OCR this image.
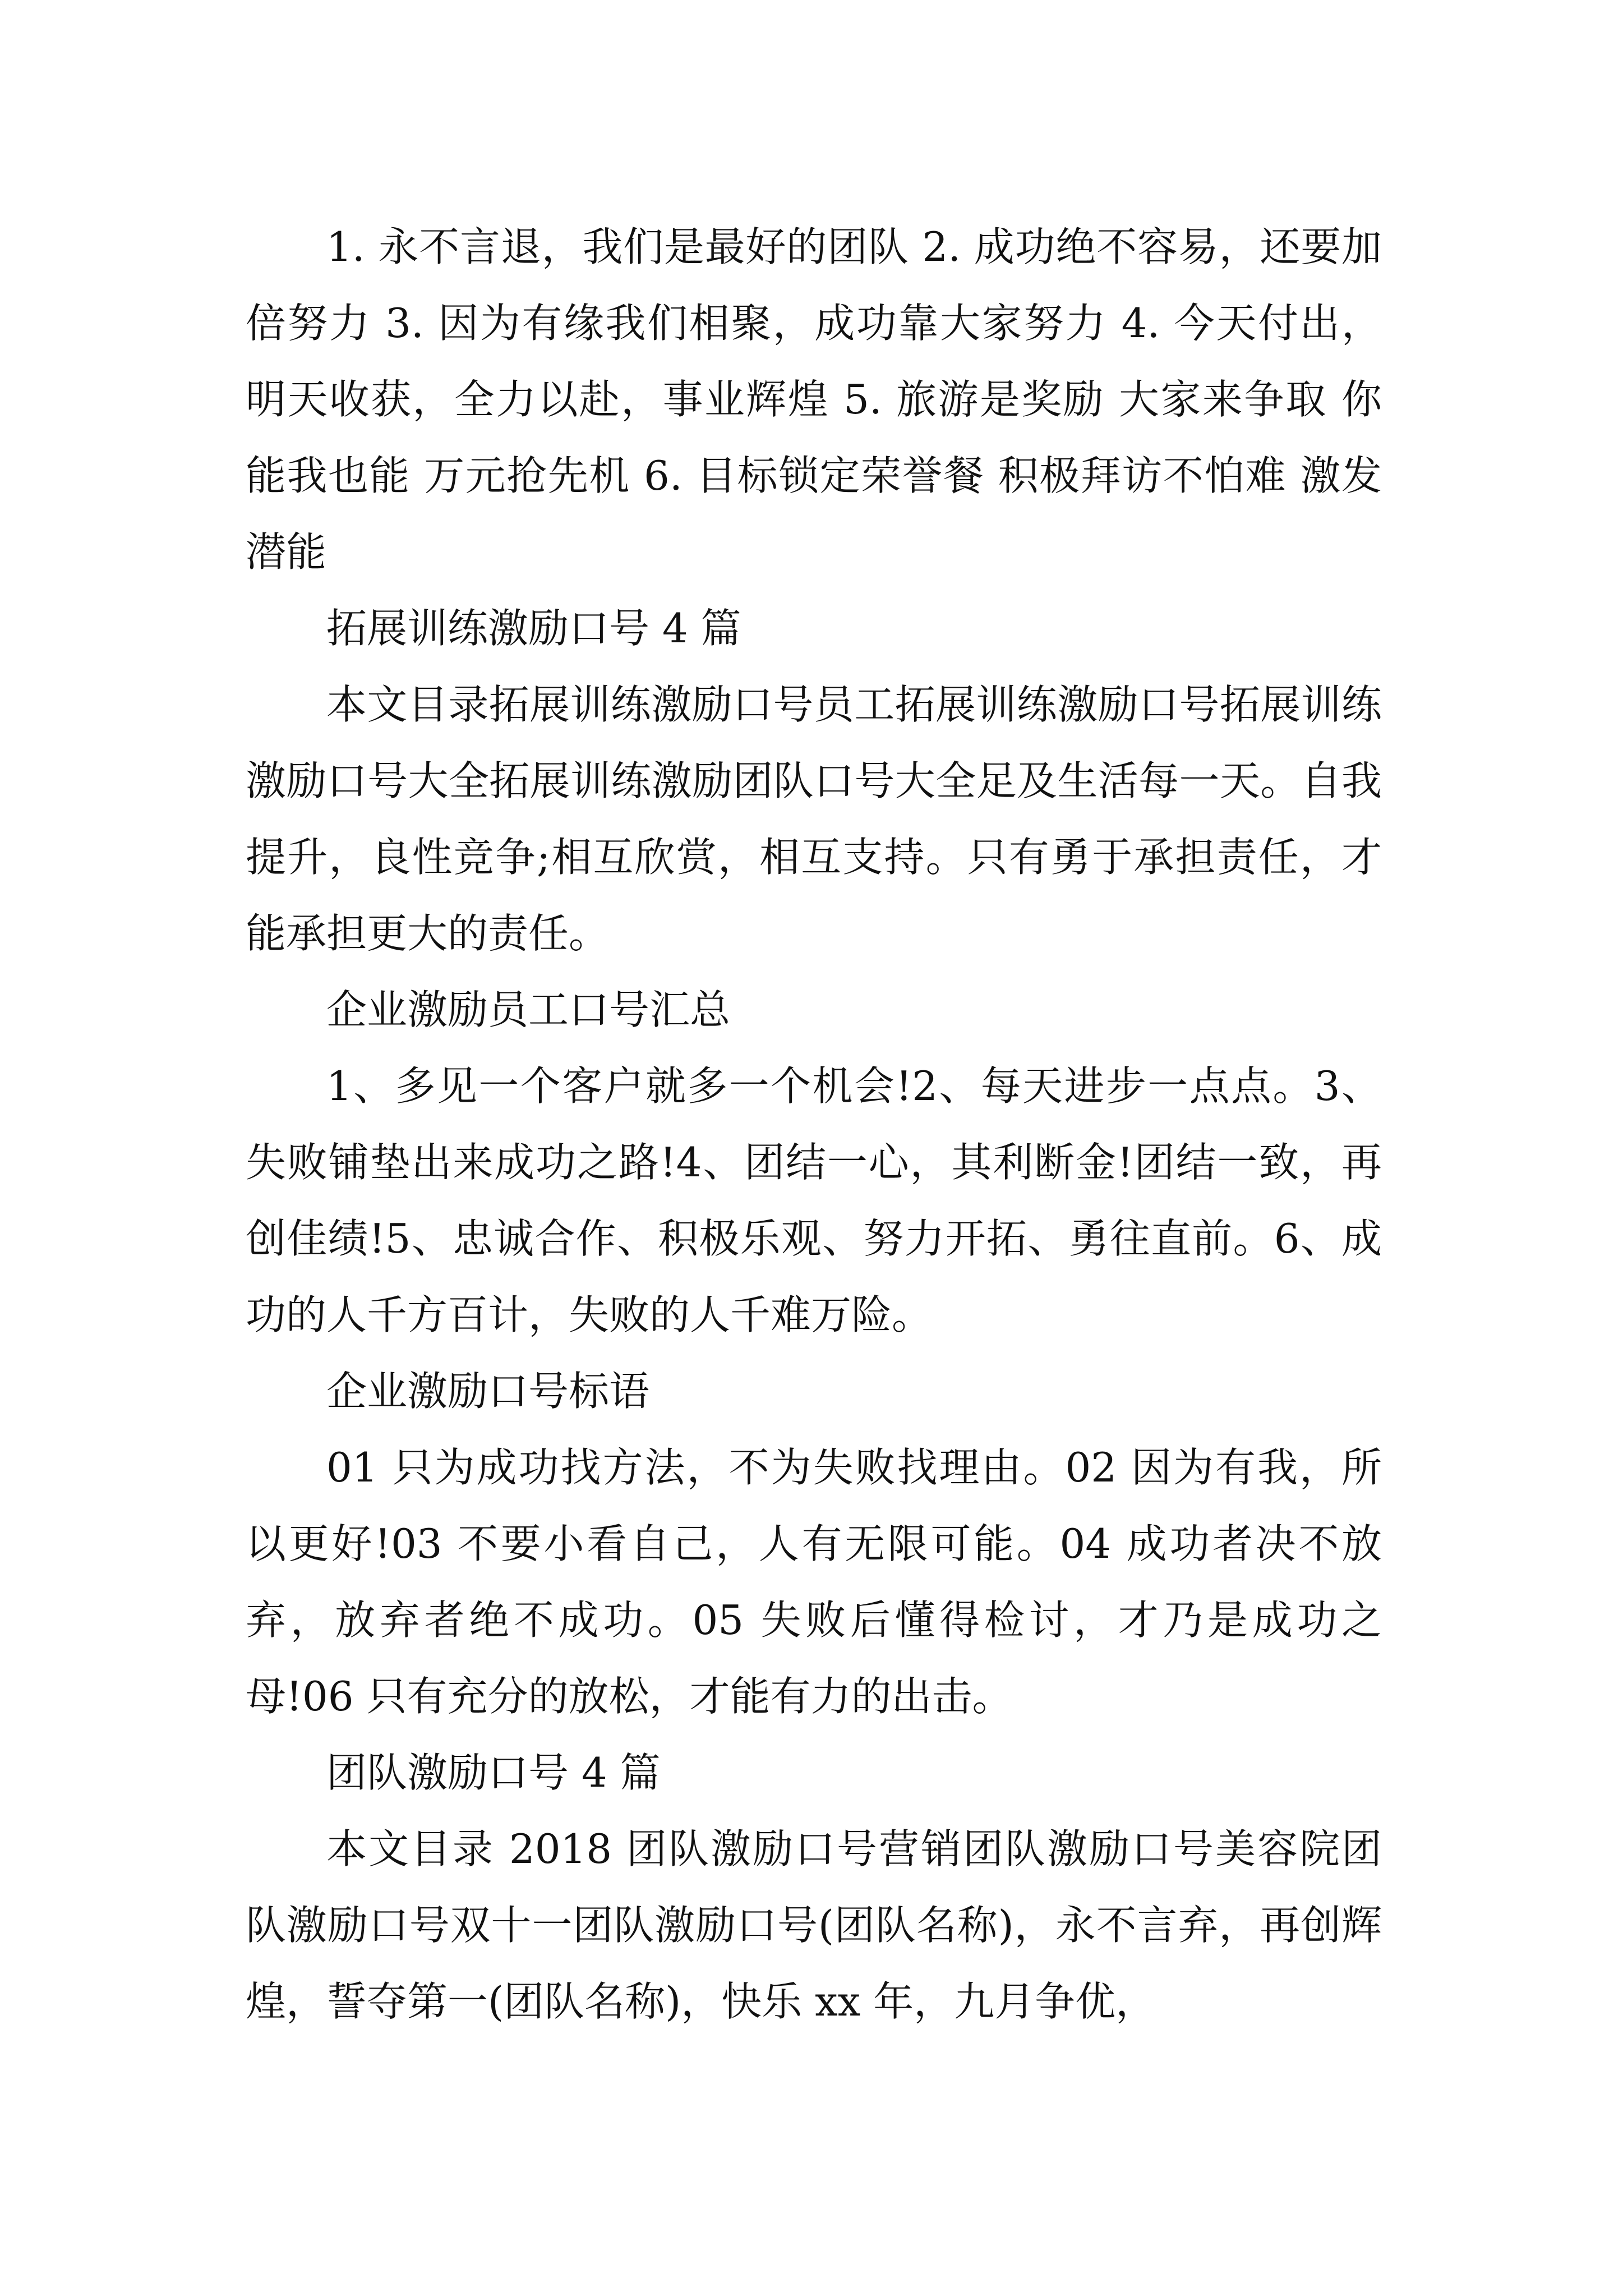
1. 永不言退，我们是最好的团队 2. 成功绝不容易，还要加倍努力 3. 因为有缘我们相聚，成功靠大家努力 4. 今天付出，明天收获，全力以赴，事业辉煌 5. 旅游是奖励 大家来争取 你能我也能 万元抢先机 6. 目标锁定荣誉餐 积极拜访不怕难 激发潜能

拓展训练激励口号 4 篇

本文目录拓展训练激励口号员工拓展训练激励口号拓展训练激励口号大全拓展训练激励团队口号大全足及生活每一天。自我提升，良性竞争;相互欣赏，相互支持。只有勇于承担责任，才能承担更大的责任。

企业激励员工口号汇总

1、多见一个客户就多一个机会!2、每天进步一点点。3、失败铺垫出来成功之路!4、团结一心，其利断金!团结一致，再创佳绩!5、忠诚合作、积极乐观、努力开拓、勇往直前。6、成功的人千方百计，失败的人千难万险。

企业激励口号标语

01 只为成功找方法，不为失败找理由。02 因为有我，所以更好!03 不要小看自己，人有无限可能。04 成功者决不放弃，放弃者绝不成功。05 失败后懂得检讨，才乃是成功之母!06 只有充分的放松，才能有力的出击。

团队激励口号 4 篇

本文目录 2018 团队激励口号营销团队激励口号美容院团队激励口号双十一团队激励口号(团队名称)，永不言弃，再创辉煌，誓夺第一(团队名称)，快乐 xx 年，九月争优，
